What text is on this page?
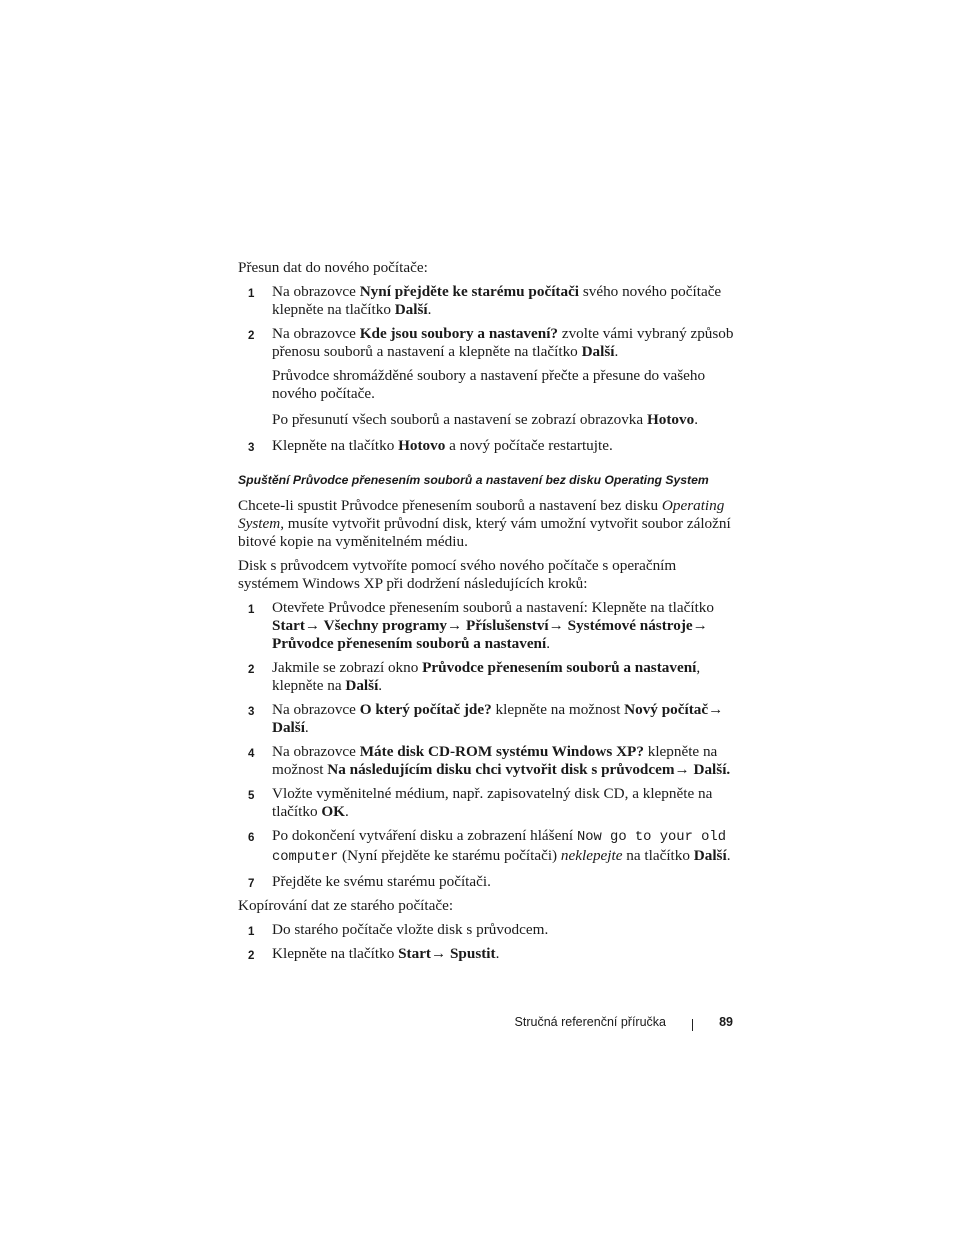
Přesun dat do nového počítače:

1 Na obrazovce Nyní přejděte ke starému počítači svého nového počítače klepněte na tlačítko Další.
2 Na obrazovce Kde jsou soubory a nastavení? zvolte vámi vybraný způsob přenosu souborů a nastavení a klepněte na tlačítko Další.

Průvodce shromážděné soubory a nastavení přečte a přesune do vašeho nového počítače.

Po přesunutí všech souborů a nastavení se zobrazí obrazovka Hotovo.

3 Klepněte na tlačítko Hotovo a nový počítače restartujte.
Spuštění Průvodce přenesením souborů a nastavení bez disku Operating System

Chcete-li spustit Průvodce přenesením souborů a nastavení bez disku Operating System, musíte vytvořit průvodní disk, který vám umožní vytvořit soubor záložní bitové kopie na vyměnitelném médiu.

Disk s průvodcem vytvoříte pomocí svého nového počítače s operačním systémem Windows XP při dodržení následujících kroků:

1 Otevřete Průvodce přenesením souborů a nastavení: Klepněte na tlačítko Start→ Všechny programy→ Příslušenství→ Systémové nástroje→ Průvodce přenesením souborů a nastavení.
2 Jakmile se zobrazí okno Průvodce přenesením souborů a nastavení, klepněte na Další.
3 Na obrazovce O který počítač jde? klepněte na možnost Nový počítač→ Další.
4 Na obrazovce Máte disk CD-ROM systému Windows XP? klepněte na možnost Na následujícím disku chci vytvořit disk s průvodcem→ Další.
5 Vložte vyměnitelné médium, např. zapisovatelný disk CD, a klepněte na tlačítko OK.
6 Po dokončení vytváření disku a zobrazení hlášení Now go to your old computer (Nyní přejděte ke starému počítači) neklepejte na tlačítko Další.
7 Přejděte ke svému starému počítači.

Kopírování dat ze starého počítače:

1 Do starého počítače vložte disk s průvodcem.
2 Klepněte na tlačítko Start→ Spustit.
Stručná referenční příručka	89
